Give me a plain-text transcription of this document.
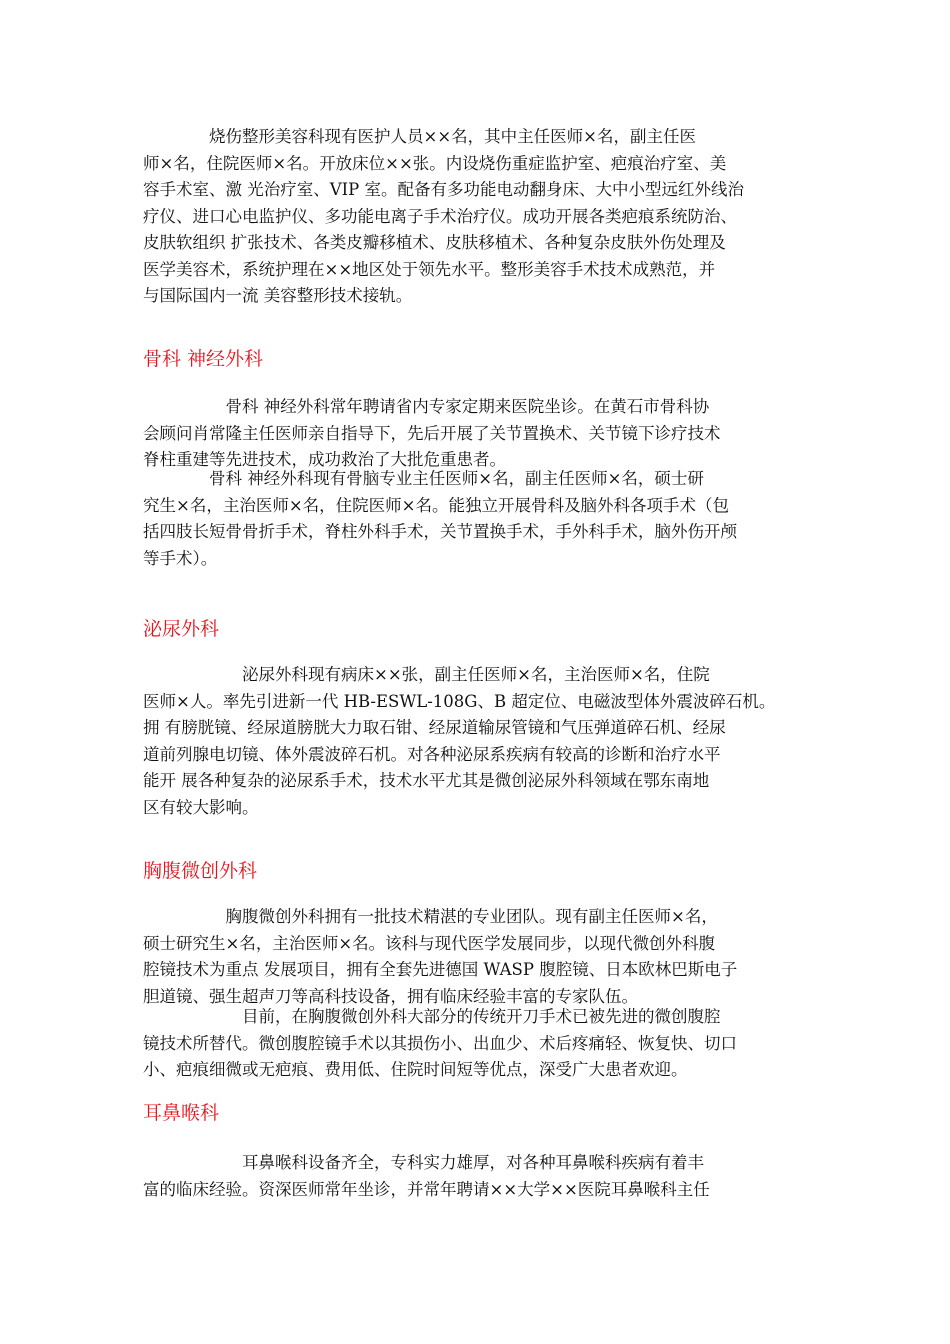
　　　　烧伤整形美容科现有医护人员××名，其中主任医师×名，副主任医
师×名，住院医师×名。开放床位××张。内设烧伤重症监护室、疤痕治疗室、美
容手术室、激 光治疗室、VIP 室。配备有多功能电动翻身床、大中小型远红外线治
疗仪、进口心电监护仪、多功能电离子手术治疗仪。成功开展各类疤痕系统防治、
皮肤软组织 扩张技术、各类皮瓣移植术、皮肤移植术、各种复杂皮肤外伤处理及
医学美容术，系统护理在××地区处于领先水平。整形美容手术技术成熟范，并
与国际国内一流 美容整形技术接轨。
骨科 神经外科
　　　　　骨科 神经外科常年聘请省内专家定期来医院坐诊。在黄石市骨科协
会顾问肖常隆主任医师亲自指导下，先后开展了关节置换术、关节镜下诊疗技术
脊柱重建等先进技术，成功救治了大批危重患者。
　　　　骨科 神经外科现有骨脑专业主任医师×名，副主任医师×名，硕士研
究生×名，主治医师×名，住院医师×名。能独立开展骨科及脑外科各项手术（包
括四肢长短骨骨折手术，脊柱外科手术，关节置换手术，手外科手术，脑外伤开颅
等手术）。
泌尿外科
　　　　　　泌尿外科现有病床××张，副主任医师×名，主治医师×名，住院
医师×人。率先引进新一代 HB-ESWL-108G、B 超定位、电磁波型体外震波碎石机。
拥 有膀胱镜、经尿道膀胱大力取石钳、经尿道输尿管镜和气压弹道碎石机、经尿
道前列腺电切镜、体外震波碎石机。对各种泌尿系疾病有较高的诊断和治疗水平
能开 展各种复杂的泌尿系手术，技术水平尤其是微创泌尿外科领域在鄂东南地
区有较大影响。
胸腹微创外科
　　　　　胸腹微创外科拥有一批技术精湛的专业团队。现有副主任医师×名，
硕士研究生×名，主治医师×名。该科与现代医学发展同步，以现代微创外科腹
腔镜技术为重点 发展项目，拥有全套先进德国 WASP 腹腔镜、日本欧林巴斯电子
胆道镜、强生超声刀等高科技设备，拥有临床经验丰富的专家队伍。
　　　　　　目前，在胸腹微创外科大部分的传统开刀手术已被先进的微创腹腔
镜技术所替代。微创腹腔镜手术以其损伤小、出血少、术后疼痛轻、恢复快、切口
小、疤痕细微或无疤痕、费用低、住院时间短等优点，深受广大患者欢迎。
耳鼻喉科
　　　　　　耳鼻喉科设备齐全，专科实力雄厚，对各种耳鼻喉科疾病有着丰
富的临床经验。资深医师常年坐诊，并常年聘请××大学××医院耳鼻喉科主任
